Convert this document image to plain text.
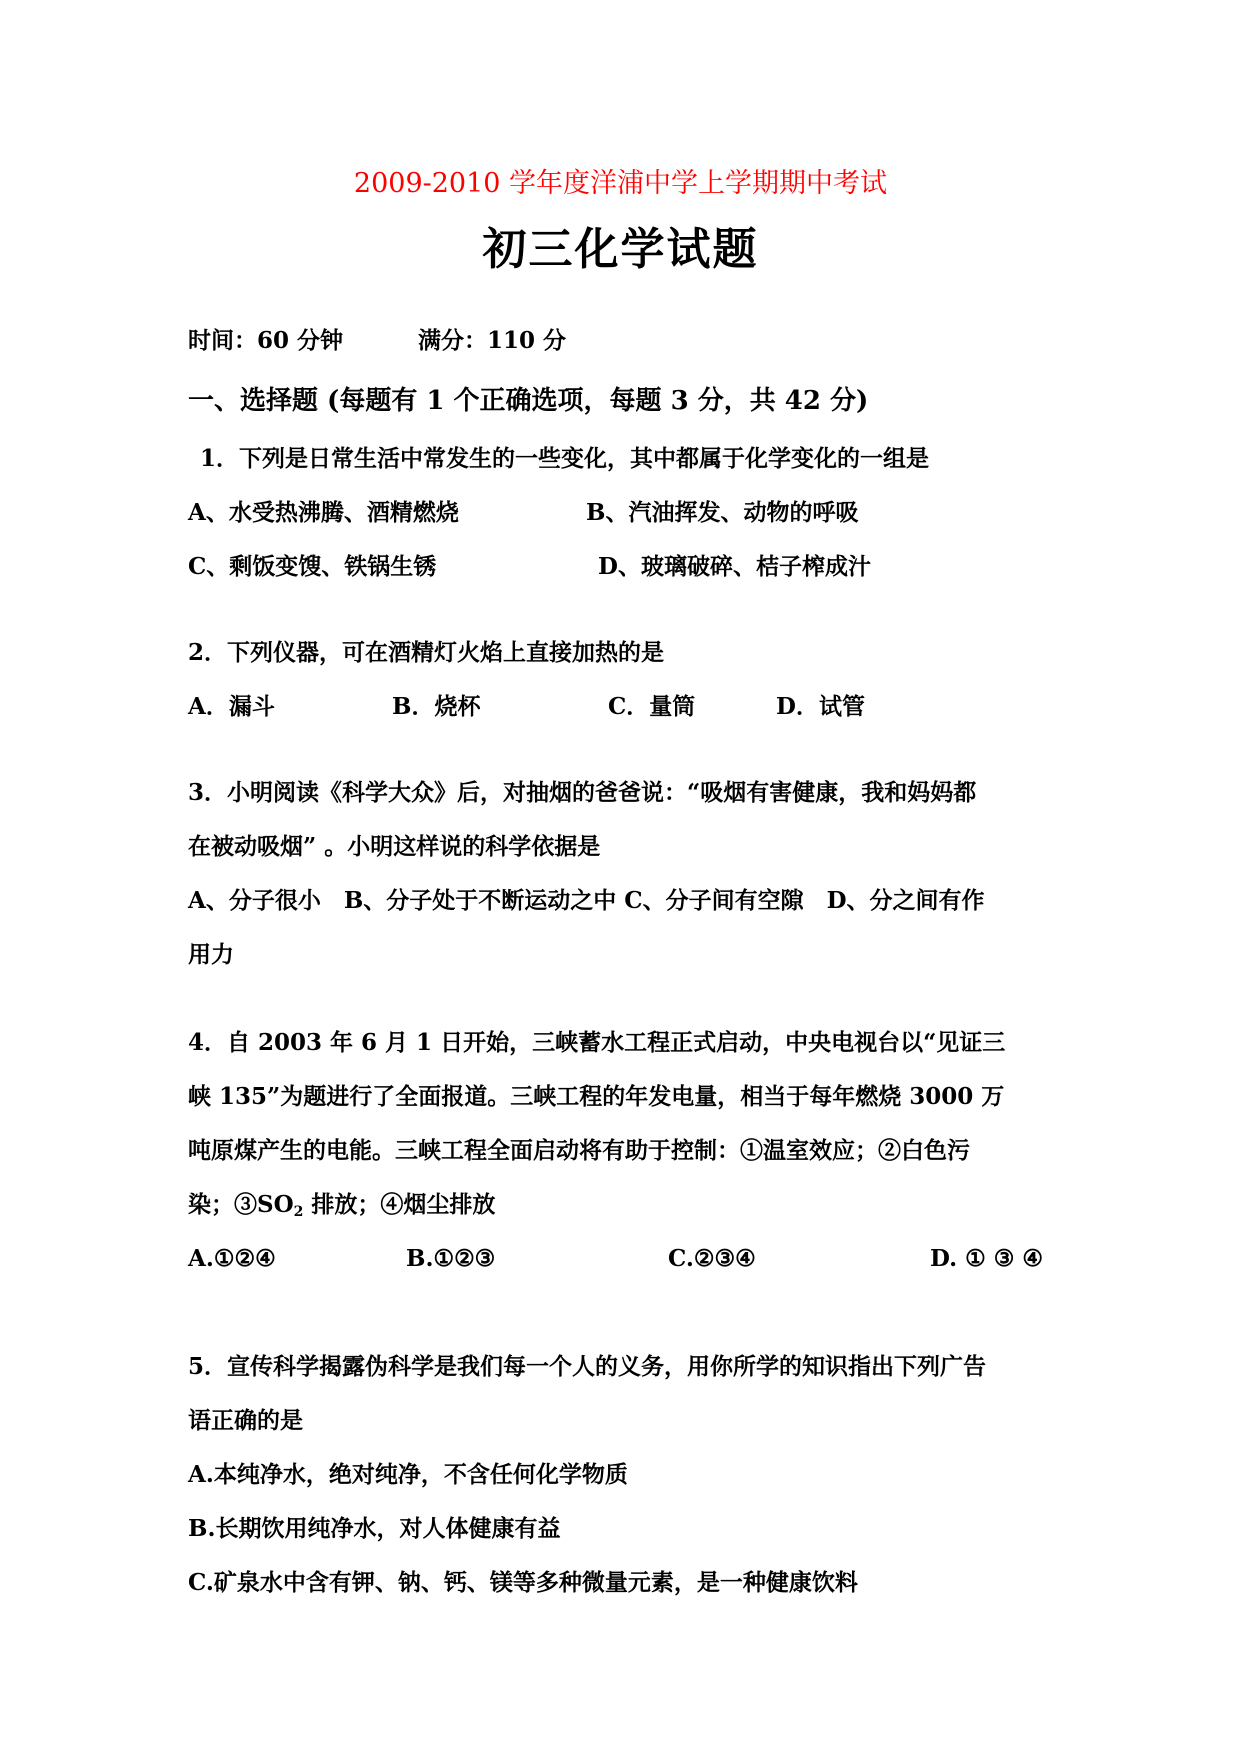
2009-2010 学年度洋浦中学上学期期中考试
初三化学试题
时间：60 分钟	满分：110 分
一、选择题 (每题有 1 个正确选项，每题 3 分，共 42 分)
1．下列是日常生活中常发生的一些变化，其中都属于化学变化的一组是
A、水受热沸腾、酒精燃烧	B、汽油挥发、动物的呼吸
C、剩饭变馊、铁锅生锈	D、玻璃破碎、桔子榨成汁
2．下列仪器，可在酒精灯火焰上直接加热的是
A．漏斗	B．烧杯	C．量筒	D．试管
3．小明阅读《科学大众》后，对抽烟的爸爸说：“吸烟有害健康，我和妈妈都
在被动吸烟” 。小明这样说的科学依据是
A、分子很小　B、分子处于不断运动之中 C、分子间有空隙　D、分之间有作
用力
4．自 2003 年 6 月 1 日开始，三峡蓄水工程正式启动，中央电视台以“见证三
峡 135”为题进行了全面报道。三峡工程的年发电量，相当于每年燃烧 3000 万
吨原煤产生的电能。三峡工程全面启动将有助于控制：①温室效应；②白色污
染；$③SO_2$ 排放；④烟尘排放
A.①②④	B.①②③	C.②③④	D. ① ③ ④
5．宣传科学揭露伪科学是我们每一个人的义务，用你所学的知识指出下列广告
语正确的是
A.本纯净水，绝对纯净，不含任何化学物质
B.长期饮用纯净水，对人体健康有益
C.矿泉水中含有钾、钠、钙、镁等多种微量元素，是一种健康饮料
